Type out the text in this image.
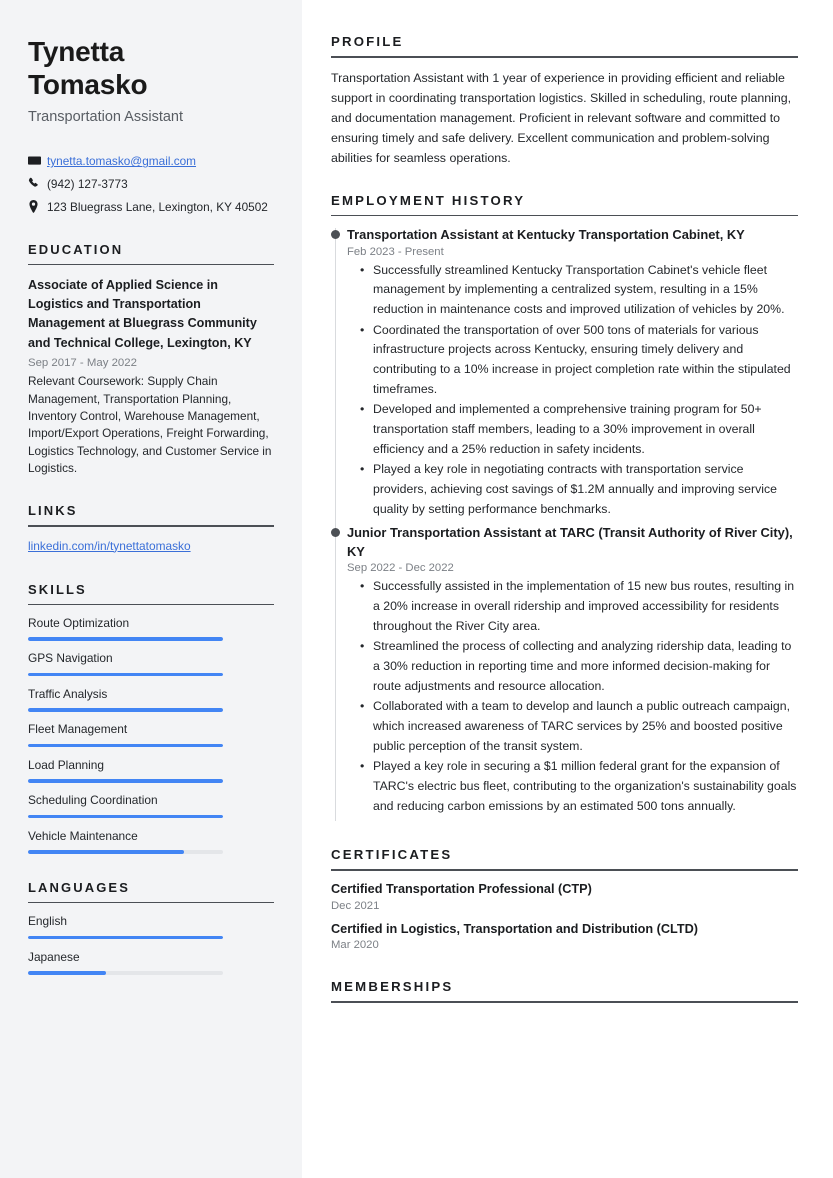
Tynetta
Tomasko
Transportation Assistant
tynetta.tomasko@gmail.com
(942) 127-3773
123 Bluegrass Lane, Lexington, KY 40502
EDUCATION
Associate of Applied Science in Logistics and Transportation Management at Bluegrass Community and Technical College, Lexington, KY
Sep 2017 - May 2022
Relevant Coursework: Supply Chain Management, Transportation Planning, Inventory Control, Warehouse Management, Import/Export Operations, Freight Forwarding, Logistics Technology, and Customer Service in Logistics.
LINKS
linkedin.com/in/tynettatomasko
SKILLS
Route Optimization
GPS Navigation
Traffic Analysis
Fleet Management
Load Planning
Scheduling Coordination
Vehicle Maintenance
LANGUAGES
English
Japanese
PROFILE

Transportation Assistant with 1 year of experience in providing efficient and reliable support in coordinating transportation logistics. Skilled in scheduling, route planning, and documentation management. Proficient in relevant software and committed to ensuring timely and safe delivery. Excellent communication and problem-solving abilities for seamless operations.

EMPLOYMENT HISTORY
Transportation Assistant at Kentucky Transportation Cabinet, KY
Feb 2023 - Present
• Successfully streamlined Kentucky Transportation Cabinet's vehicle fleet management by implementing a centralized system, resulting in a 15% reduction in maintenance costs and improved utilization of vehicles by 20%.
• Coordinated the transportation of over 500 tons of materials for various infrastructure projects across Kentucky, ensuring timely delivery and contributing to a 10% increase in project completion rate within the stipulated timeframes.
• Developed and implemented a comprehensive training program for 50+ transportation staff members, leading to a 30% improvement in overall efficiency and a 25% reduction in safety incidents.
• Played a key role in negotiating contracts with transportation service providers, achieving cost savings of $1.2M annually and improving service quality by setting performance benchmarks.
Junior Transportation Assistant at TARC (Transit Authority of River City), KY
Sep 2022 - Dec 2022
• Successfully assisted in the implementation of 15 new bus routes, resulting in a 20% increase in overall ridership and improved accessibility for residents throughout the River City area.
• Streamlined the process of collecting and analyzing ridership data, leading to a 30% reduction in reporting time and more informed decision-making for route adjustments and resource allocation.
• Collaborated with a team to develop and launch a public outreach campaign, which increased awareness of TARC services by 25% and boosted positive public perception of the transit system.
• Played a key role in securing a $1 million federal grant for the expansion of TARC's electric bus fleet, contributing to the organization's sustainability goals and reducing carbon emissions by an estimated 500 tons annually.
CERTIFICATES
Certified Transportation Professional (CTP)
Dec 2021
Certified in Logistics, Transportation and Distribution (CLTD)
Mar 2020
MEMBERSHIPS
